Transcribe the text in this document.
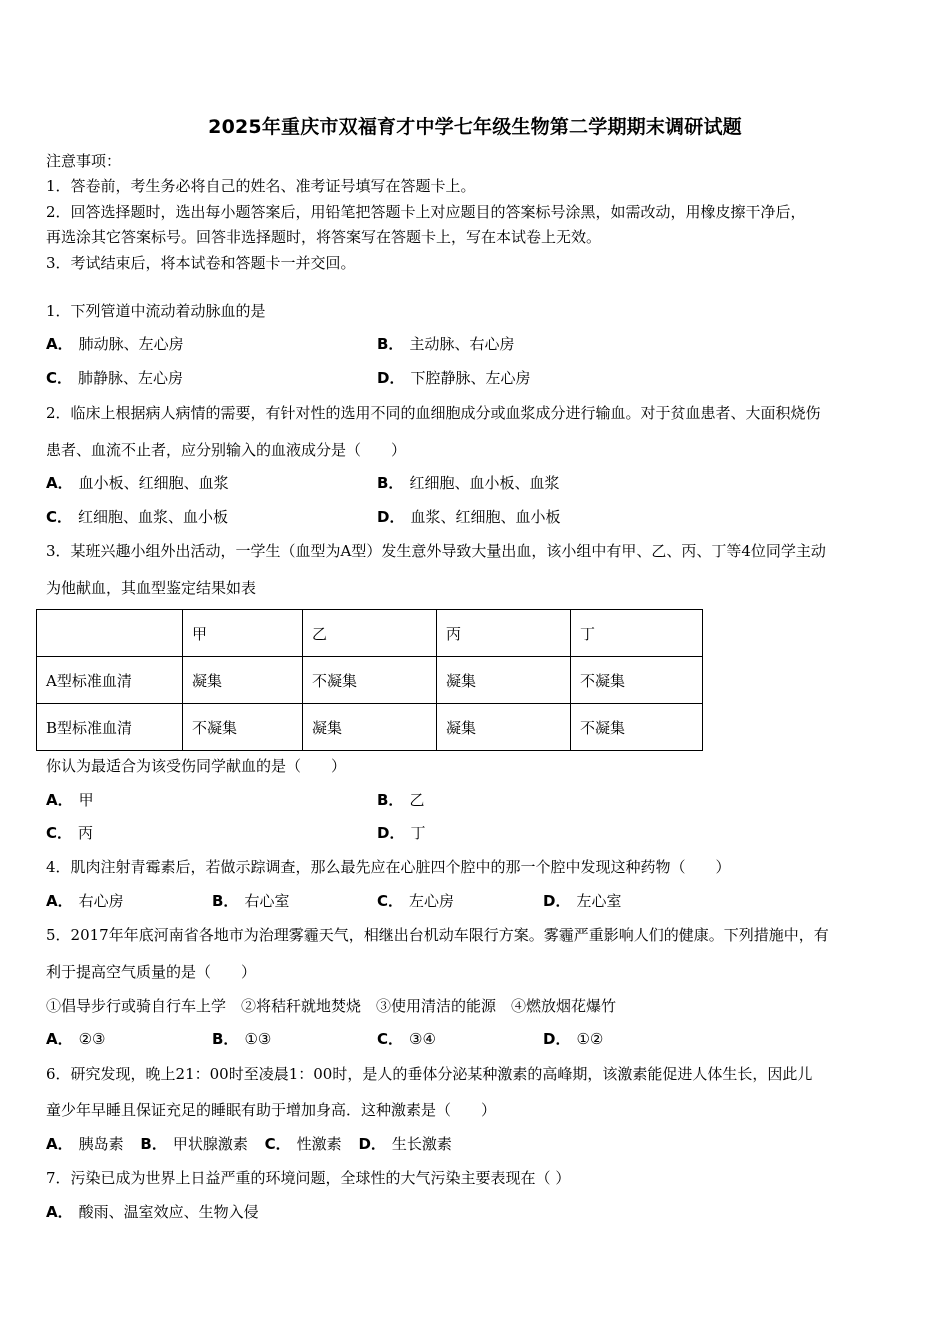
2025年重庆市双福育才中学七年级生物第二学期期末调研试题
注意事项：
1．答卷前，考生务必将自己的姓名、准考证号填写在答题卡上。
2．回答选择题时，选出每小题答案后，用铅笔把答题卡上对应题目的答案标号涂黑，如需改动，用橡皮擦干净后，
再选涂其它答案标号。回答非选择题时，将答案写在答题卡上，写在本试卷上无效。
3．考试结束后，将本试卷和答题卡一并交回。
1．下列管道中流动着动脉血的是
A． 肺动脉、左心房	B． 主动脉、右心房
C． 肺静脉、左心房	D． 下腔静脉、左心房
2．临床上根据病人病情的需要，有针对性的选用不同的血细胞成分或血浆成分进行输血。对于贫血患者、大面积烧伤
患者、血流不止者，应分别输入的血液成分是（　　）
A． 血小板、红细胞、血浆	B． 红细胞、血小板、血浆
C． 红细胞、血浆、血小板	D． 血浆、红细胞、血小板
3．某班兴趣小组外出活动，一学生（血型为A型）发生意外导致大量出血，该小组中有甲、乙、丙、丁等4位同学主动
为他献血，其血型鉴定结果如表
	甲	乙	丙	丁
A型标准血清	凝集	不凝集	凝集	不凝集
B型标准血清	不凝集	凝集	凝集	不凝集
你认为最适合为该受伤同学献血的是（　　）
A． 甲	B． 乙
C． 丙	D． 丁
4．肌肉注射青霉素后，若做示踪调查，那么最先应在心脏四个腔中的那一个腔中发现这种药物（　　）
A． 右心房	B． 右心室	C． 左心房	D． 左心室
5．2017年年底河南省各地市为治理雾霾天气，相继出台机动车限行方案。雾霾严重影响人们的健康。下列措施中，有
利于提高空气质量的是（　　）
①倡导步行或骑自行车上学　②将秸秆就地焚烧　③使用清洁的能源　④燃放烟花爆竹
A． ②③	B． ①③	C． ③④	D． ①②
6．研究发现，晚上21：00时至凌晨1：00时，是人的垂体分泌某种激素的高峰期，该激素能促进人体生长，因此儿
童少年早睡且保证充足的睡眠有助于增加身高．这种激素是（　　）
A． 胰岛素 B． 甲状腺激素 C． 性激素 D． 生长激素
7．污染已成为世界上日益严重的环境问题，全球性的大气污染主要表现在（ ）
A． 酸雨、温室效应、生物入侵
